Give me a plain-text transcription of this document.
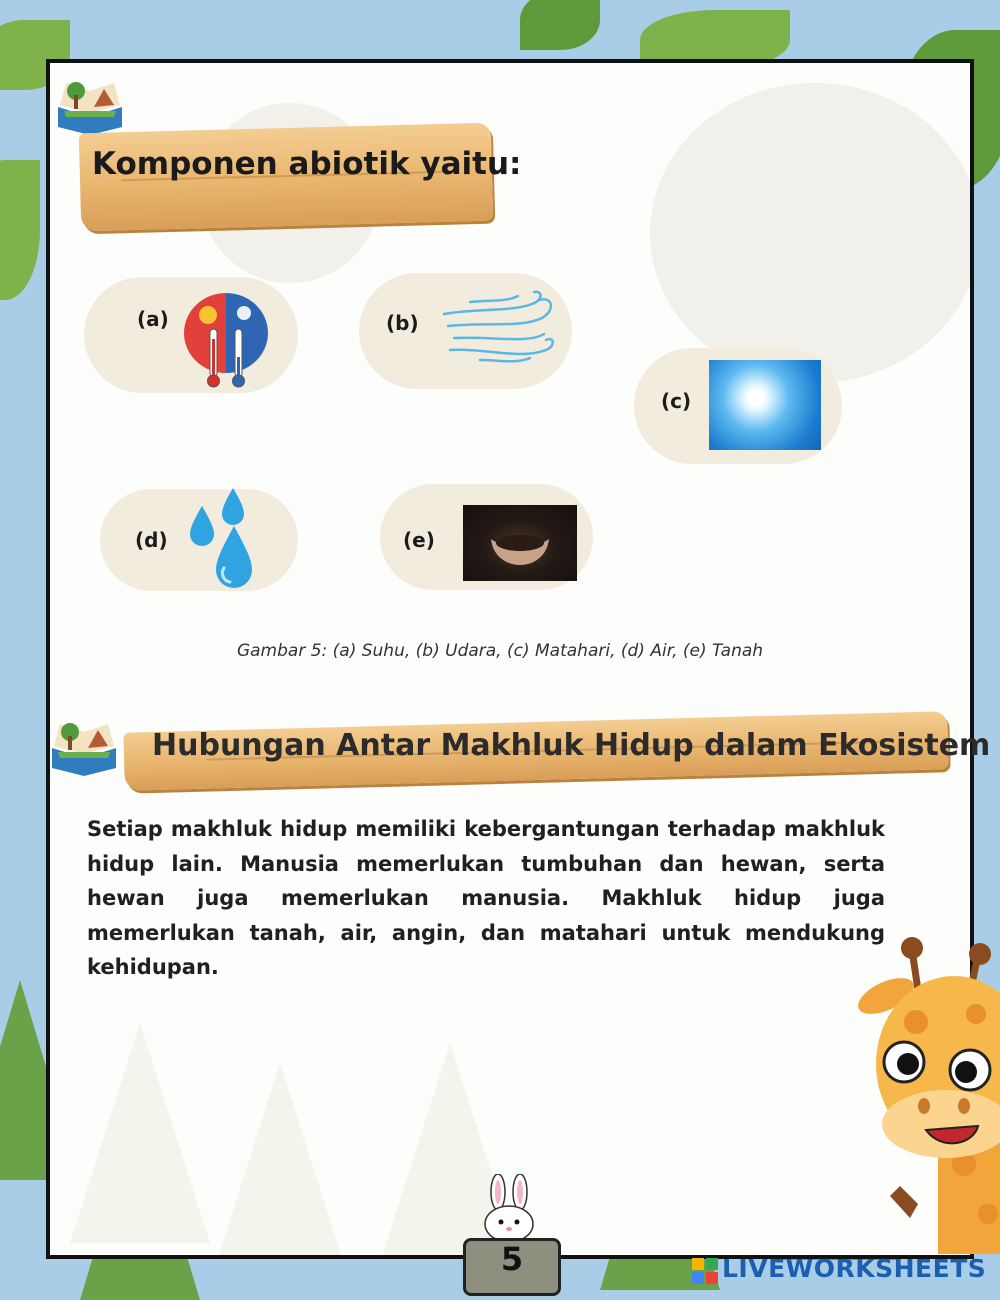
Komponen abiotik yaitu:
(a)	(b)
(c)
(d)	(e)
Gambar 5: (a) Suhu, (b) Udara, (c) Matahari, (d) Air, (e) Tanah
Hubungan Antar Makhluk Hidup dalam Ekosistem
Setiap makhluk hidup memiliki kebergantungan terhadap makhluk hidup lain. Manusia memerlukan tumbuhan dan hewan, serta hewan juga memerlukan manusia. Makhluk hidup juga memerlukan tanah, air, angin, dan matahari untuk mendukung kehidupan.
5	LIVEWORKSHEETS
